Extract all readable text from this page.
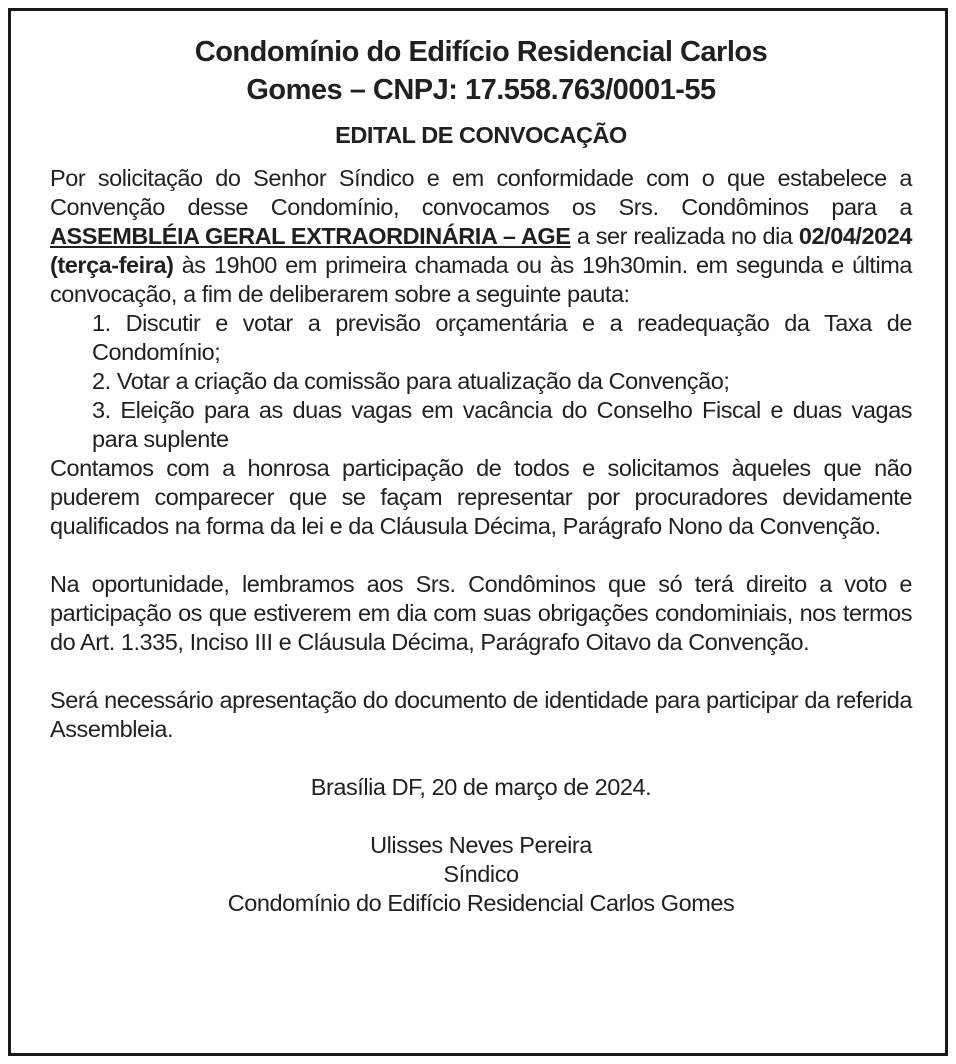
Condomínio do Edifício Residencial Carlos
Gomes – CNPJ: 17.558.763/0001-55

EDITAL DE CONVOCAÇÃO

Por solicitação do Senhor Síndico e em conformidade com o que estabelece a Convenção desse Condomínio, convocamos os Srs. Condôminos para a ASSEMBLÉIA GERAL EXTRAORDINÁRIA – AGE a ser realizada no dia 02/04/2024 (terça-feira) às 19h00 em primeira chamada ou às 19h30min. em segunda e última convocação, a fim de deliberarem sobre a seguinte pauta:

1. Discutir e votar a previsão orçamentária e a readequação da Taxa de Condomínio;
2. Votar a criação da comissão para atualização da Convenção;
3. Eleição para as duas vagas em vacância do Conselho Fiscal e duas vagas para suplente

Contamos com a honrosa participação de todos e solicitamos àqueles que não puderem comparecer que se façam representar por procuradores devidamente qualificados na forma da lei e da Cláusula Décima, Parágrafo Nono da Convenção.

Na oportunidade, lembramos aos Srs. Condôminos que só terá direito a voto e participação os que estiverem em dia com suas obrigações condominiais, nos termos do Art. 1.335, Inciso III e Cláusula Décima, Parágrafo Oitavo da Convenção.

Será necessário apresentação do documento de identidade para participar da referida Assembleia.

Brasília DF, 20 de março de 2024.

Ulisses Neves Pereira
Síndico
Condomínio do Edifício Residencial Carlos Gomes
